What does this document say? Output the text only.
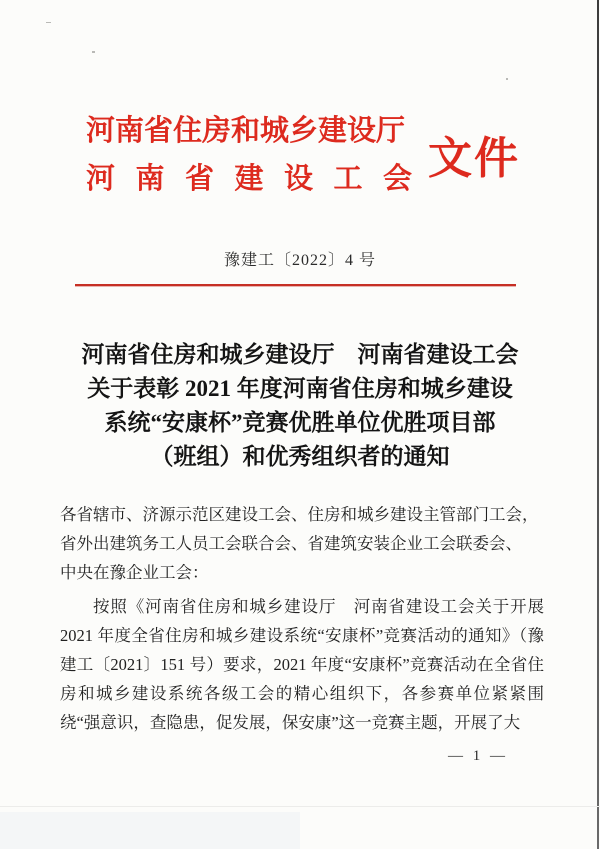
河南省住房和城乡建设厅
河南省建设工会 文件
豫建工〔2022〕4 号
河南省住房和城乡建设厅　河南省建设工会
关于表彰 2021 年度河南省住房和城乡建设
系统“安康杯”竞赛优胜单位优胜项目部
（班组）和优秀组织者的通知
各省辖市、济源示范区建设工会、住房和城乡建设主管部门工会，
省外出建筑务工人员工会联合会、省建筑安装企业工会联委会、
中央在豫企业工会：

按照《河南省住房和城乡建设厅　河南省建设工会关于开展 2021 年度全省住房和城乡建设系统“安康杯”竞赛活动的通知》（豫建工〔2021〕151 号）要求，2021 年度“安康杯”竞赛活动在全省住房和城乡建设系统各级工会的精心组织下，各参赛单位紧紧围绕“强意识，查隐患，促发展，保安康”这一竞赛主题，开展了大

— 1 —
